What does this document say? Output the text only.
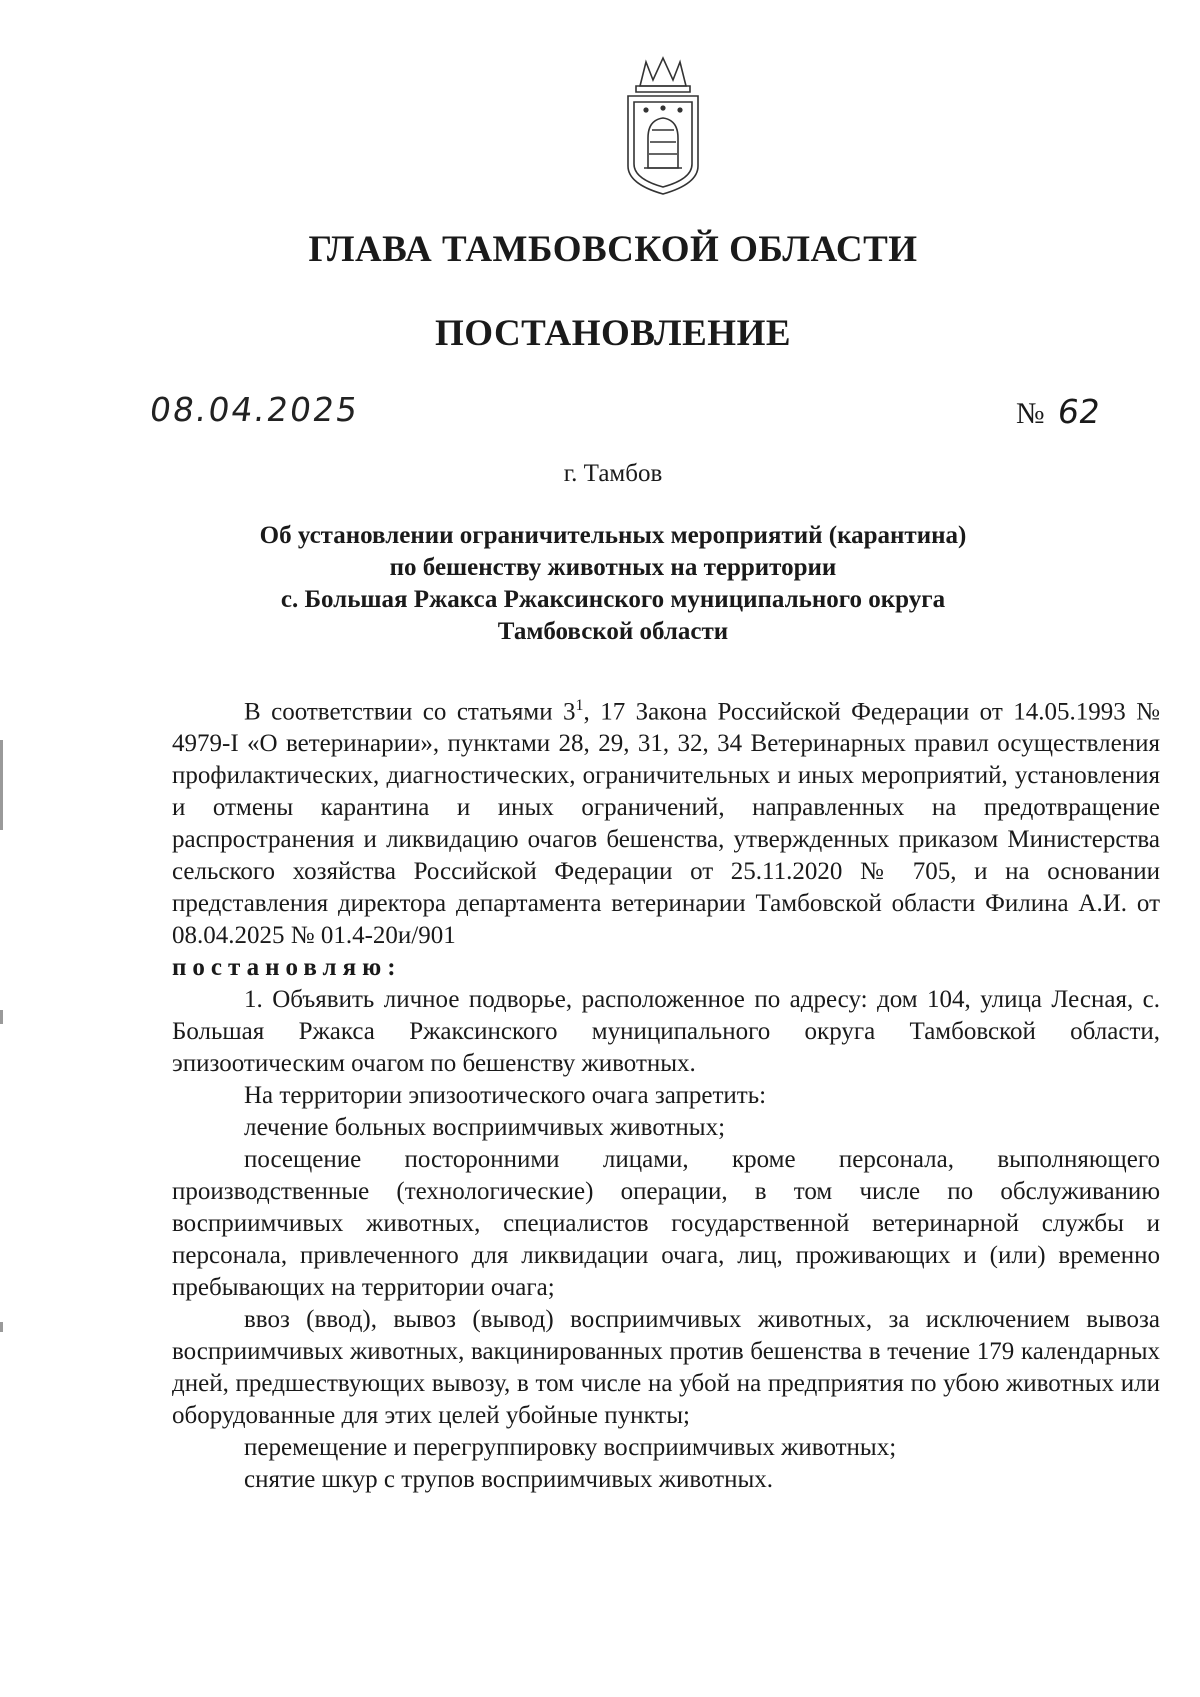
ГЛАВА ТАМБОВСКОЙ ОБЛАСТИ
ПОСТАНОВЛЕНИЕ
08.04.2025	№ 62
г. Тамбов
Об установлении ограничительных мероприятий (карантина)
по бешенству животных на территории
с. Большая Ржакса Ржаксинского муниципального округа
Тамбовской области

В соответствии со статьями $3^1$, 17 Закона Российской Федерации от 14.05.1993 № 4979-I «О ветеринарии», пунктами 28, 29, 31, 32, 34 Ветеринарных правил осуществления профилактических, диагностических, ограничительных и иных мероприятий, установления и отмены карантина и иных ограничений, направленных на предотвращение распространения и ликвидацию очагов бешенства, утвержденных приказом Министерства сельского хозяйства Российской Федерации от 25.11.2020 № 705, и на основании представления директора департамента ветеринарии Тамбовской области Филина А.И. от 08.04.2025 № 01.4-20и/901

постановляю:

1. Объявить личное подворье, расположенное по адресу: дом 104, улица Лесная, с. Большая Ржакса Ржаксинского муниципального округа Тамбовской области, эпизоотическим очагом по бешенству животных.

На территории эпизоотического очага запретить:

лечение больных восприимчивых животных;

посещение посторонними лицами, кроме персонала, выполняющего производственные (технологические) операции, в том числе по обслуживанию восприимчивых животных, специалистов государственной ветеринарной службы и персонала, привлеченного для ликвидации очага, лиц, проживающих и (или) временно пребывающих на территории очага;

ввоз (ввод), вывоз (вывод) восприимчивых животных, за исключением вывоза восприимчивых животных, вакцинированных против бешенства в течение 179 календарных дней, предшествующих вывозу, в том числе на убой на предприятия по убою животных или оборудованные для этих целей убойные пункты;

перемещение и перегруппировку восприимчивых животных;

снятие шкур с трупов восприимчивых животных.
